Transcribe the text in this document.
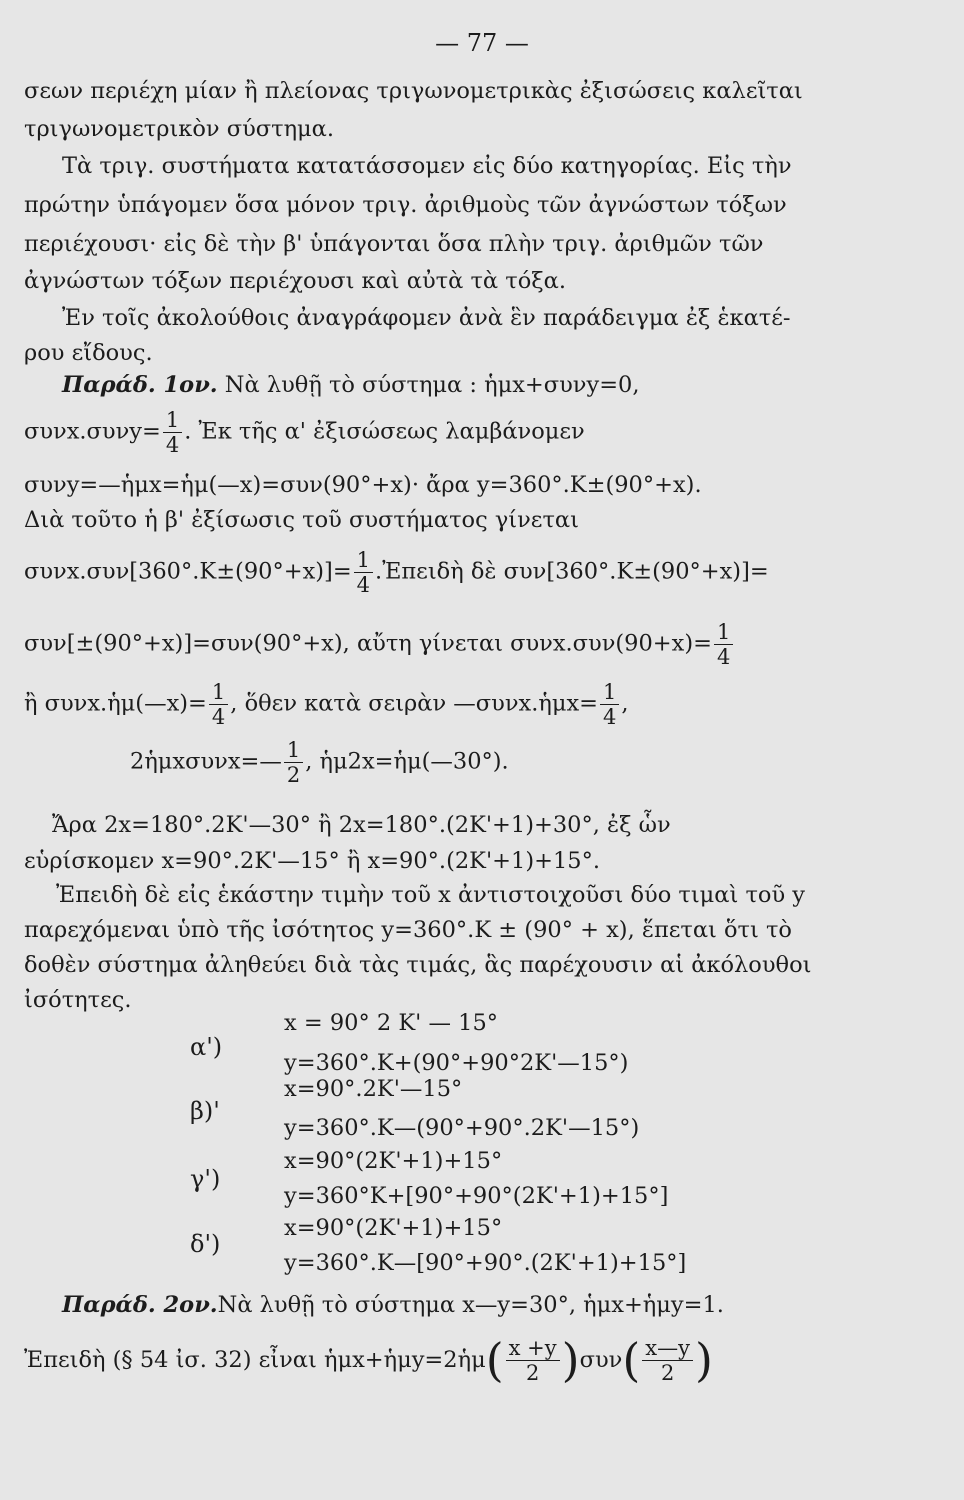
— 77 —
σεων περιέχη μίαν ἢ πλείονας τριγωνομετρικὰς ἐξισώσεις καλεῖται
τριγωνομετρικὸν σύστημα.
Τὰ τριγ. συστήματα κατατάσσομεν εἰς δύο κατηγορίας. Εἰς τὴν
πρώτην ὑπάγομεν ὅσα μόνον τριγ. ἀριθμοὺς τῶν ἀγνώστων τόξων
περιέχουσι· εἰς δὲ τὴν β' ὑπάγονται ὅσα πλὴν τριγ. ἀριθμῶν τῶν
ἀγνώστων τόξων περιέχουσι καὶ αὐτὰ τὰ τόξα.
Ἐν τοῖς ἀκολούθοις ἀναγράφομεν ἀνὰ ἓν παράδειγμα ἐξ ἑκατέ-
ρου εἴδους.
Παράδ. 1ον. Νὰ λυθῇ τὸ σύστημα : ἡμx+συνy=0,
$\sigma\upsilon\nu x.\sigma\upsilon\nu y= \frac{1}{4}$ . Ἐκ τῆς α' ἐξισώσεως λαμβάνομεν
συνy=—ἡμx=ἡμ(—x)=συν(90°+x)· ἄρα y=360°.K±(90°+x).
Διὰ τοῦτο ἡ β' ἐξίσωσις τοῦ συστήματος γίνεται
$\sigma\upsilon\nu x.\sigma\upsilon\nu[360^\circ.K\pm(90^\circ+x)]= \frac{1}{4}$ .Ἐπειδὴ δὲ συν[360°.K±(90°+x)]=
συν[±(90°+x)]=συν(90°+x), αὔτη γίνεται $\sigma\upsilon\nu x.\sigma\upsilon\nu(90+x)= \frac{1}{4}$
ἢ συνx.ἡμ(—x)= $\frac{1}{4}$ , ὅθεν κατὰ σειρὰν —συνx.ἡμx= $\frac{1}{4}$ ,
2ἡμxσυνx=— $\frac{1}{2}$ , ἡμ2x=ἡμ(—30°).
Ἄρα 2x=180°.2K'—30° ἢ 2x=180°.(2K'+1)+30°, ἐξ ὧν
εὑρίσκομεν x=90°.2K'—15° ἢ x=90°.(2K'+1)+15°.
Ἐπειδὴ δὲ εἰς ἑκάστην τιμὴν τοῦ x ἀντιστοιχοῦσι δύο τιμαὶ τοῦ y
παρεχόμεναι ὑπὸ τῆς ἰσότητος y=360°.K ± (90° + x), ἕπεται ὅτι τὸ
δοθὲν σύστημα ἀληθεύει διὰ τὰς τιμάς, ἃς παρέχουσιν αἱ ἀκόλουθοι
ἰσότητες.
α')
x = 90° 2 K' — 15°
y=360°.K+(90°+90°2K'—15°)
β)'
x=90°.2K'—15°
y=360°.K—(90°+90°.2K'—15°)
γ')
x=90°(2K'+1)+15°
y=360°K+[90°+90°(2K'+1)+15°]
δ')
x=90°(2K'+1)+15°
y=360°.K—[90°+90°.(2K'+1)+15°]
Παράδ. 2ον.Νὰ λυθῇ τὸ σύστημα x—y=30°, ἡμx+ἡμy=1.
Ἐπειδὴ (§ 54 ἰσ. 32) εἶναι ἡμx+ἡμy=2ἡμ ( $\frac{x +y}{2}$ ) συν ( $\frac{x—y}{2}$ )
